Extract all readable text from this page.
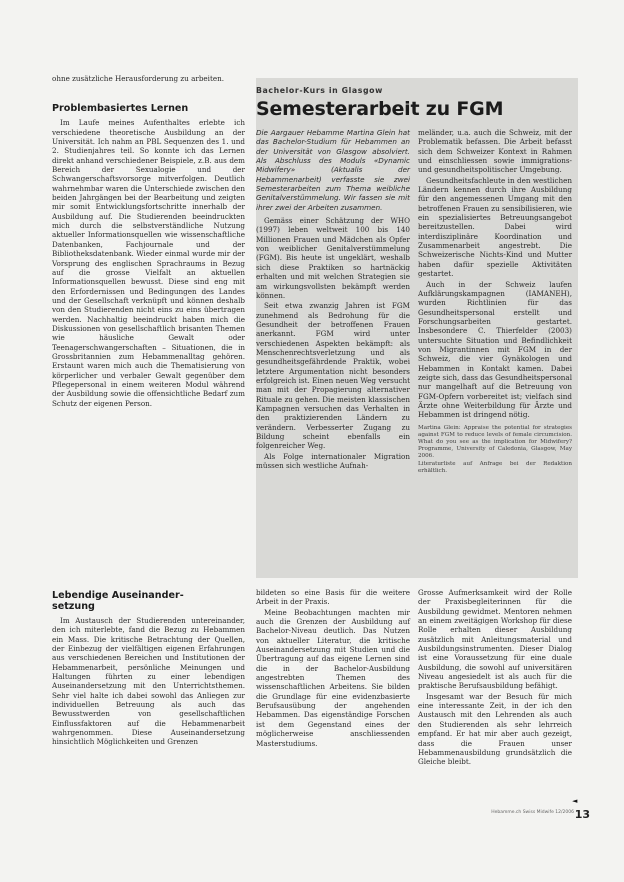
ohne zusätzliche Herausforderung zu arbeiten.

Problembasiertes Lernen

Im Laufe meines Aufenthaltes erlebte ich verschiedene theoretische Ausbildung an der Universität. Ich nahm an PBL Sequenzen des 1. und 2. Studienjahres teil. So konnte ich das Lernen direkt anhand verschiedener Beispiele, z.B. aus dem Bereich der Sexualogie und der Schwangerschaftsvorsorge mitverfolgen. Deutlich wahrnehmbar waren die Unterschiede zwischen den beiden Jahrgängen bei der Bearbeitung und zeigten mir somit Entwicklungsfortschritte innerhalb der Ausbildung auf. Die Studierenden beeindruckten mich durch die selbstverständliche Nutzung aktueller Informationsquellen wie wissenschaftliche Datenbanken, Fachjournale und der Bibliotheksdatenbank. Wieder einmal wurde mir der Vorsprung des englischen Sprachraums in Bezug auf die grosse Vielfalt an aktuellen Informationsquellen bewusst. Diese sind eng mit den Erfordernissen und Bedingungen des Landes und der Gesellschaft verknüpft und können deshalb von den Studierenden nicht eins zu eins übertragen werden. Nachhaltig beeindruckt haben mich die Diskussionen von gesellschaftlich brisanten Themen wie häusliche Gewalt oder Teenagerschwangerschaften – Situationen, die in Grossbritannien zum Hebammenalltag gehören. Erstaunt waren mich auch die Thematisierung von körperlicher und verbaler Gewalt gegenüber dem Pflegepersonal in einem weiteren Modul während der Ausbildung sowie die offensichtliche Bedarf zum Schutz der eigenen Person.

Lebendige Auseinander-
setzung

Im Austausch der Studierenden untereinander, den ich miterlebte, fand die Bezug zu Hebammen ein Mass. Die kritische Betrachtung der Quellen, der Einbezug der vielfältigen eigenen Erfahrungen aus verschiedenen Bereichen und Institutionen der Hebammenarbeit, persönliche Meinungen und Haltungen führten zu einer lebendigen Auseinandersetzung mit den Unterrichtsthemen. Sehr viel halte ich dabei sowohl das Anliegen zur individuellen Betreuung als auch das Bewusstwerden von gesellschaftlichen Einflussfaktoren auf die Hebammenarbeit wahrgenommen. Diese Auseinandersetzung hinsichtlich Möglichkeiten und Grenzen

Bachelor-Kurs in Glasgow
Semesterarbeit zu FGM

Die Aargauer Hebamme Martina Glein hat das Bachelor-Studium für Hebammen an der Universität von Glasgow absolviert. Als Abschluss des Moduls «Dynamic Midwifery» (Aktualis der Hebammenarbeit) verfasste sie zwei Semesterarbeiten zum Thema weibliche Genitalverstümmelung. Wir fassen sie mit ihrer zwei der Arbeiten zusammen.

Gemäss einer Schätzung der WHO (1997) leben weltweit 100 bis 140 Millionen Frauen und Mädchen als Opfer von weiblicher Genitalverstümmelung (FGM). Bis heute ist ungeklärt, weshalb sich diese Praktiken so hartnäckig erhalten und mit welchen Strategien sie am wirkungsvollsten bekämpft werden können.

Seit etwa zwanzig Jahren ist FGM zunehmend als Bedrohung für die Gesundheit der betroffenen Frauen anerkannt. FGM wird unter verschiedenen Aspekten bekämpft: als Menschenrechtsverletzung und als gesundheitsgefährdende Praktik, wobei letztere Argumentation nicht besonders erfolgreich ist. Einen neuen Weg versucht man mit der Propagierung alternativer Rituale zu gehen. Die meisten klassischen Kampagnen versuchen das Verhalten in den praktizierenden Ländern zu verändern. Verbesserter Zugang zu Bildung scheint ebenfalls ein folgenreicher Weg.

Als Folge internationaler Migration müssen sich westliche Aufnah-

meländer, u.a. auch die Schweiz, mit der Problematik befassen. Die Arbeit befasst sich dem Schweizer Kontext in Rahmen und einschliessen sowie immigrations- und gesundheitspolitischer Umgebung.

Gesundheitsfachleute in den westlichen Ländern kennen durch ihre Ausbildung für den angemessenen Umgang mit den betroffenen Frauen zu sensibilisieren, wie ein spezialisiertes Betreuungsangebot bereitzustellen. Dabei wird interdisziplinäre Koordination und Zusammenarbeit angestrebt. Die Schweizerische Nichts-Kind und Mutter haben dafür spezielle Aktivitäten gestartet.

Auch in der Schweiz laufen Aufklärungskampagnen (IAMANEH), wurden Richtlinien für das Gesundheitspersonal erstellt und Forschungsarbeiten gestartet. Insbesondere C. Thierfelder (2003) untersuchte Situation und Befindlichkeit von Migrantinnen mit FGM in der Schweiz, die vier Gynäkologen und Hebammen in Kontakt kamen. Dabei zeigte sich, dass das Gesundheitspersonal nur mangelhaft auf die Betreuung von FGM-Opfern vorbereitet ist; vielfach sind Ärzte ohne Weiterbildung für Ärzte und Hebammen ist dringend nötig.

Martina Glein: Appraise the potential for strategies against FGM to reduce levels of female circumcision. What do you see as the implication for Midwifery? Programme, University of Caledonia, Glasgow, May 2006.

Literaturliste auf Anfrage bei der Redaktion erhältlich.

bildeten so eine Basis für die weitere Arbeit in der Praxis.

Meine Beobachtungen machten mir auch die Grenzen der Ausbildung auf Bachelor-Niveau deutlich. Das Nutzen von aktueller Literatur, die kritische Auseinandersetzung mit Studien und die Übertragung auf das eigene Lernen sind die in der Bachelor-Ausbildung angestrebten Themen des wissenschaftlichen Arbeitens. Sie bilden die Grundlage für eine evidenzbasierte Berufsausübung der angehenden Hebammen. Das eigenständige Forschen ist dem Gegenstand eines der möglicherweise anschliessenden Masterstudiums.

Grosse Aufmerksamkeit wird der Rolle der Praxisbegleiterinnen für die Ausbildung gewidmet. Mentoren nehmen an einem zweitägigen Workshop für diese Rolle erhalten dieser Ausbildung zusätzlich mit Anleitungsmaterial und Ausbildungsinstrumenten. Dieser Dialog ist eine Voraussetzung für eine duale Ausbildung, die sowohl auf universitären Niveau angesiedelt ist als auch für die praktische Berufsausbildung befähigt.

Insgesamt war der Besuch für mich eine interessante Zeit, in der ich den Austausch mit den Lehrenden als auch den Studierenden als sehr lehrreich empfand. Er hat mir aber auch gezeigt, dass die Frauen unser Hebammenausbildung grundsätzlich die Gleiche bleibt.

◄
Hebamme.ch Swiss Midwife 12/2006 13
